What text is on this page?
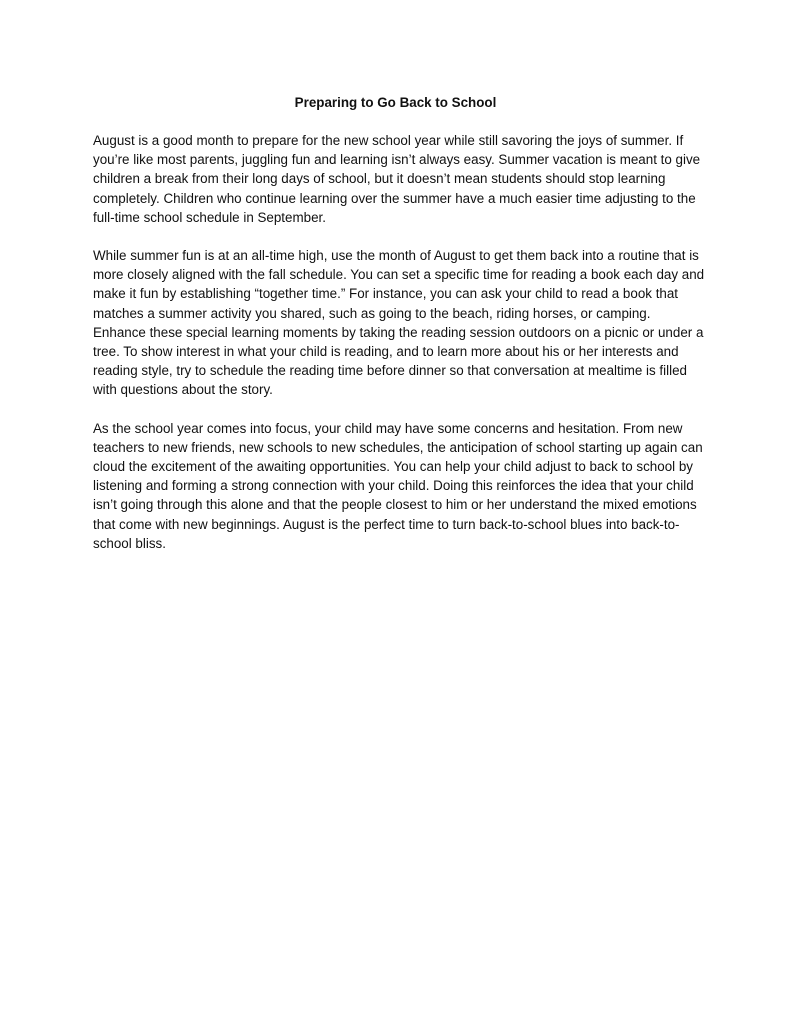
Preparing to Go Back to School

August is a good month to prepare for the new school year while still savoring the joys of summer. If you’re like most parents, juggling fun and learning isn’t always easy. Summer vacation is meant to give children a break from their long days of school, but it doesn’t mean students should stop learning completely. Children who continue learning over the summer have a much easier time adjusting to the full-time school schedule in September.

While summer fun is at an all-time high, use the month of August to get them back into a routine that is more closely aligned with the fall schedule. You can set a specific time for reading a book each day and make it fun by establishing “together time.” For instance, you can ask your child to read a book that matches a summer activity you shared, such as going to the beach, riding horses, or camping. Enhance these special learning moments by taking the reading session outdoors on a picnic or under a tree. To show interest in what your child is reading, and to learn more about his or her interests and reading style, try to schedule the reading time before dinner so that conversation at mealtime is filled with questions about the story.

As the school year comes into focus, your child may have some concerns and hesitation. From new teachers to new friends, new schools to new schedules, the anticipation of school starting up again can cloud the excitement of the awaiting opportunities. You can help your child adjust to back to school by listening and forming a strong connection with your child. Doing this reinforces the idea that your child isn’t going through this alone and that the people closest to him or her understand the mixed emotions that come with new beginnings. August is the perfect time to turn back-to-school blues into back-to-school bliss.
